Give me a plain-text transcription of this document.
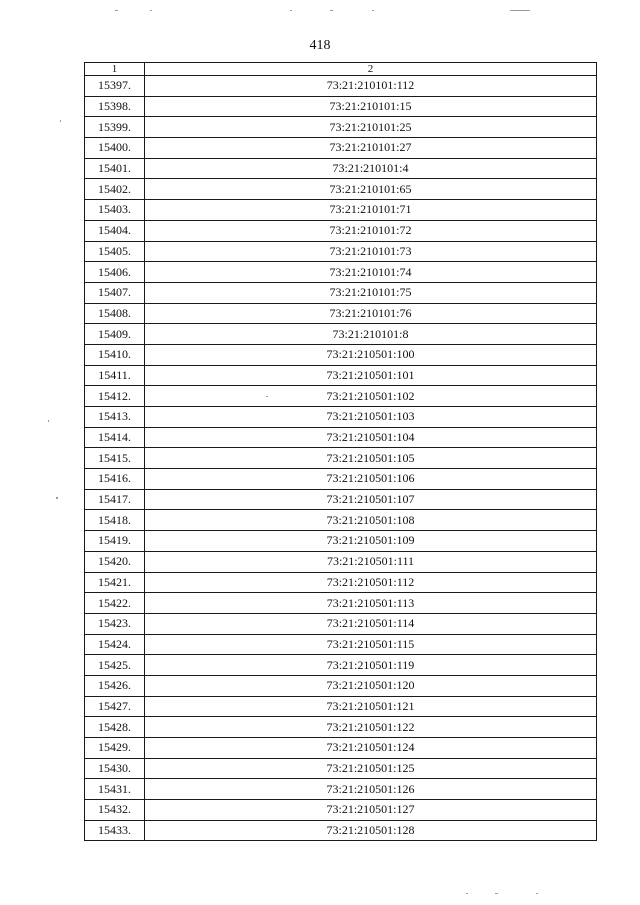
418
1	2
15397.	73:21:210101:112
15398.	73:21:210101:15
15399.	73:21:210101:25
15400.	73:21:210101:27
15401.	73:21:210101:4
15402.	73:21:210101:65
15403.	73:21:210101:71
15404.	73:21:210101:72
15405.	73:21:210101:73
15406.	73:21:210101:74
15407.	73:21:210101:75
15408.	73:21:210101:76
15409.	73:21:210101:8
15410.	73:21:210501:100
15411.	73:21:210501:101
15412.	73:21:210501:102
15413.	73:21:210501:103
15414.	73:21:210501:104
15415.	73:21:210501:105
15416.	73:21:210501:106
15417.	73:21:210501:107
15418.	73:21:210501:108
15419.	73:21:210501:109
15420.	73:21:210501:111
15421.	73:21:210501:112
15422.	73:21:210501:113
15423.	73:21:210501:114
15424.	73:21:210501:115
15425.	73:21:210501:119
15426.	73:21:210501:120
15427.	73:21:210501:121
15428.	73:21:210501:122
15429.	73:21:210501:124
15430.	73:21:210501:125
15431.	73:21:210501:126
15432.	73:21:210501:127
15433.	73:21:210501:128
